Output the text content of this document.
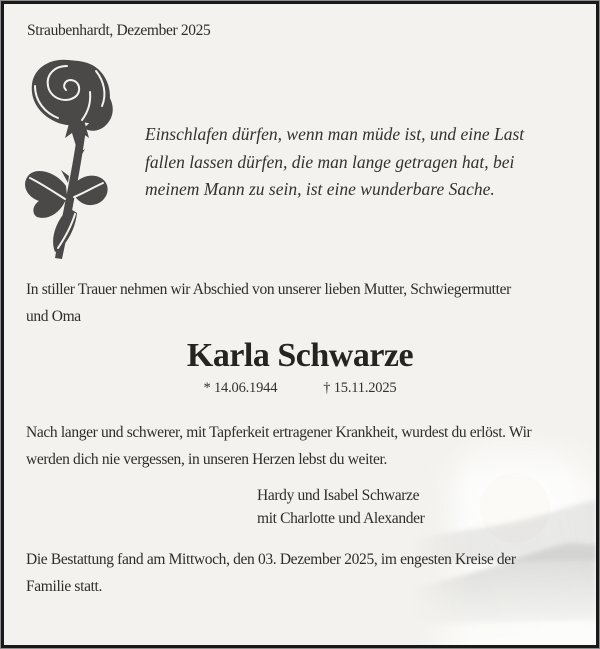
Straubenhardt, Dezember 2025
Einschlafen dürfen, wenn man müde ist, und eine Last
fallen lassen dürfen, die man lange getragen hat, bei
meinem Mann zu sein, ist eine wunderbare Sache.
In stiller Trauer nehmen wir Abschied von unserer lieben Mutter, Schwiegermutter
und Oma
Karla Schwarze
* 14.06.1944	† 15.11.2025
Nach langer und schwerer, mit Tapferkeit ertragener Krankheit, wurdest du erlöst. Wir
werden dich nie vergessen, in unseren Herzen lebst du weiter.
Hardy und Isabel Schwarze
mit Charlotte und Alexander
Die Bestattung fand am Mittwoch, den 03. Dezember 2025, im engesten Kreise der
Familie statt.
